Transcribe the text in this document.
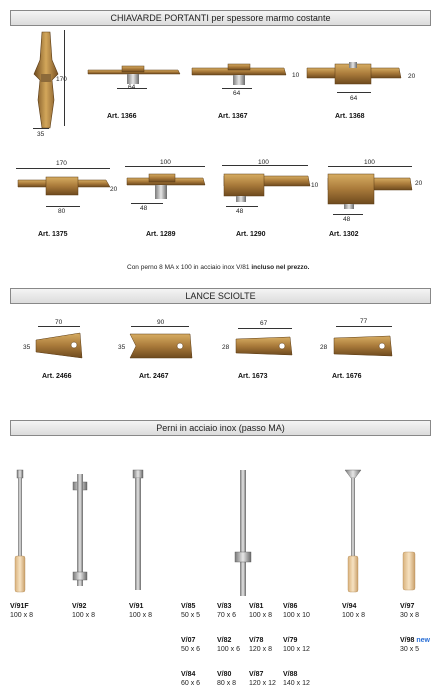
CHIAVARDE PORTANTI per spessore marmo costante
170
35
64
Art. 1366
10
64
Art. 1367
20
64
Art. 1368
170
20
80
Art. 1375
100
48
Art. 1289
100
10
48
Art. 1290
100
20
48
Art. 1302
Con perno 8 MA x 100 in acciaio inox V/81 incluso nel prezzo.
LANCE SCIOLTE
70
35
Art. 2466
90
35
Art. 2467
67
28
Art. 1673
77
28
Art. 1676
Perni in acciaio inox (passo MA)
V/91F
100 x 8
V/92
100 x 8
V/91
100 x 8
V/94
100 x 8
V/97
30 x 8
V/98 new
30 x 5
V/85
50 x 5
V/83
70 x 6
V/81
100 x 8
V/86
100 x 10
V/07
50 x 6
V/82
100 x 6
V/78
120 x 8
V/79
100 x 12
V/84
60 x 6
V/80
80 x 8
V/87
120 x 12
V/88
140 x 12
